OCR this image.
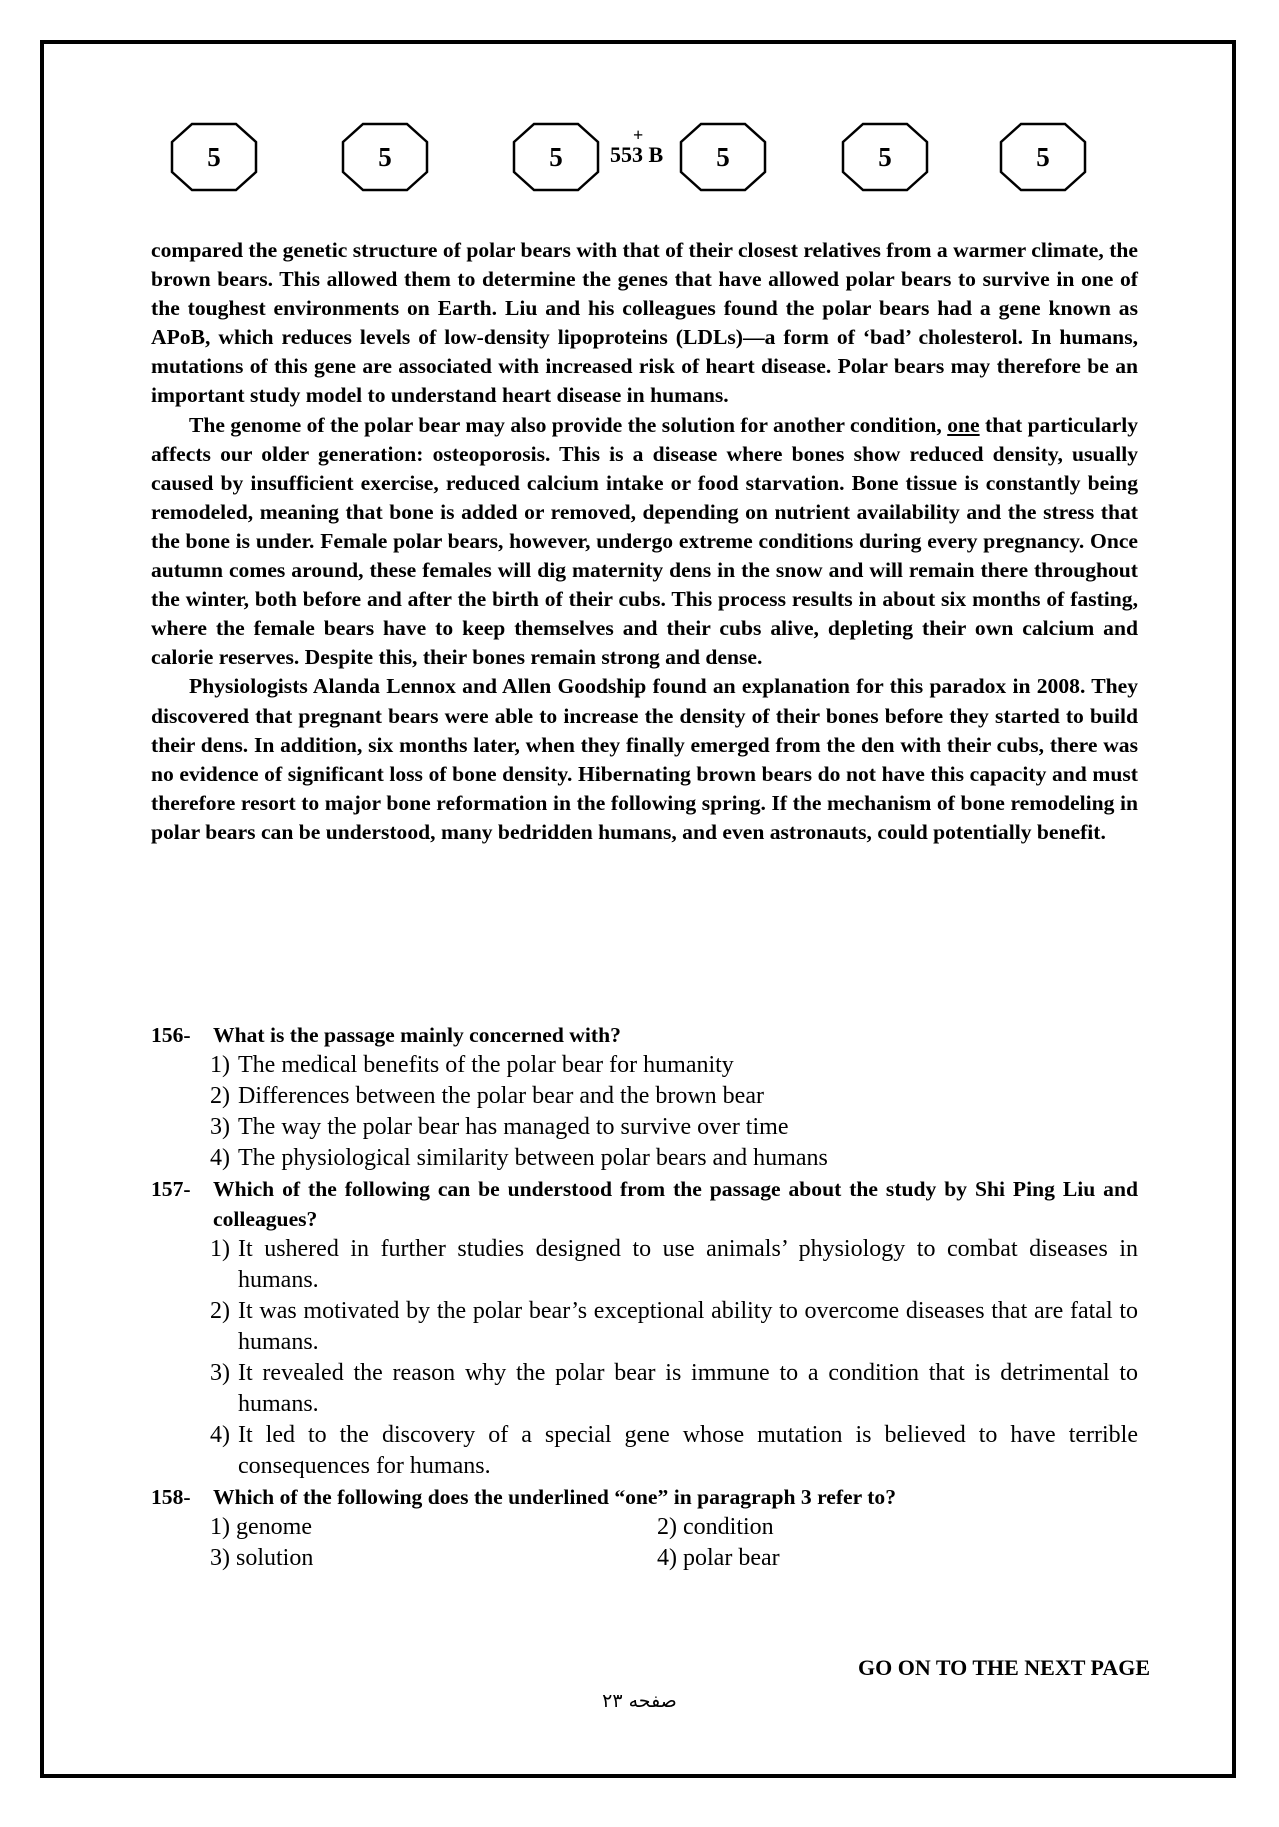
5	5	5
+
553 B	5	5	5

compared the genetic structure of polar bears with that of their closest relatives from a warmer climate, the brown bears. This allowed them to determine the genes that have allowed polar bears to survive in one of the toughest environments on Earth. Liu and his colleagues found the polar bears had a gene known as APoB, which reduces levels of low-density lipoproteins (LDLs)—a form of ‘bad’ cholesterol. In humans, mutations of this gene are associated with increased risk of heart disease. Polar bears may therefore be an important study model to understand heart disease in humans.

The genome of the polar bear may also provide the solution for another condition, one that particularly affects our older generation: osteoporosis. This is a disease where bones show reduced density, usually caused by insufficient exercise, reduced calcium intake or food starvation. Bone tissue is constantly being remodeled, meaning that bone is added or removed, depending on nutrient availability and the stress that the bone is under. Female polar bears, however, undergo extreme conditions during every pregnancy. Once autumn comes around, these females will dig maternity dens in the snow and will remain there throughout the winter, both before and after the birth of their cubs. This process results in about six months of fasting, where the female bears have to keep themselves and their cubs alive, depleting their own calcium and calorie reserves. Despite this, their bones remain strong and dense.

Physiologists Alanda Lennox and Allen Goodship found an explanation for this paradox in 2008. They discovered that pregnant bears were able to increase the density of their bones before they started to build their dens. In addition, six months later, when they finally emerged from the den with their cubs, there was no evidence of significant loss of bone density. Hibernating brown bears do not have this capacity and must therefore resort to major bone reformation in the following spring. If the mechanism of bone remodeling in polar bears can be understood, many bedridden humans, and even astronauts, could potentially benefit.

156-	What is the passage mainly concerned with?
1) The medical benefits of the polar bear for humanity
2) Differences between the polar bear and the brown bear
3) The way the polar bear has managed to survive over time
4) The physiological similarity between polar bears and humans
157-	Which of the following can be understood from the passage about the study by Shi Ping Liu and colleagues?
1) It ushered in further studies designed to use animals’ physiology to combat diseases in humans.
2) It was motivated by the polar bear’s exceptional ability to overcome diseases that are fatal to humans.
3) It revealed the reason why the polar bear is immune to a condition that is detrimental to humans.
4) It led to the discovery of a special gene whose mutation is believed to have terrible consequences for humans.
158-	Which of the following does the underlined “one” in paragraph 3 refer to?
1) genome	2) condition
3) solution	4) polar bear
GO ON TO THE NEXT PAGE
صفحه ۲۳
